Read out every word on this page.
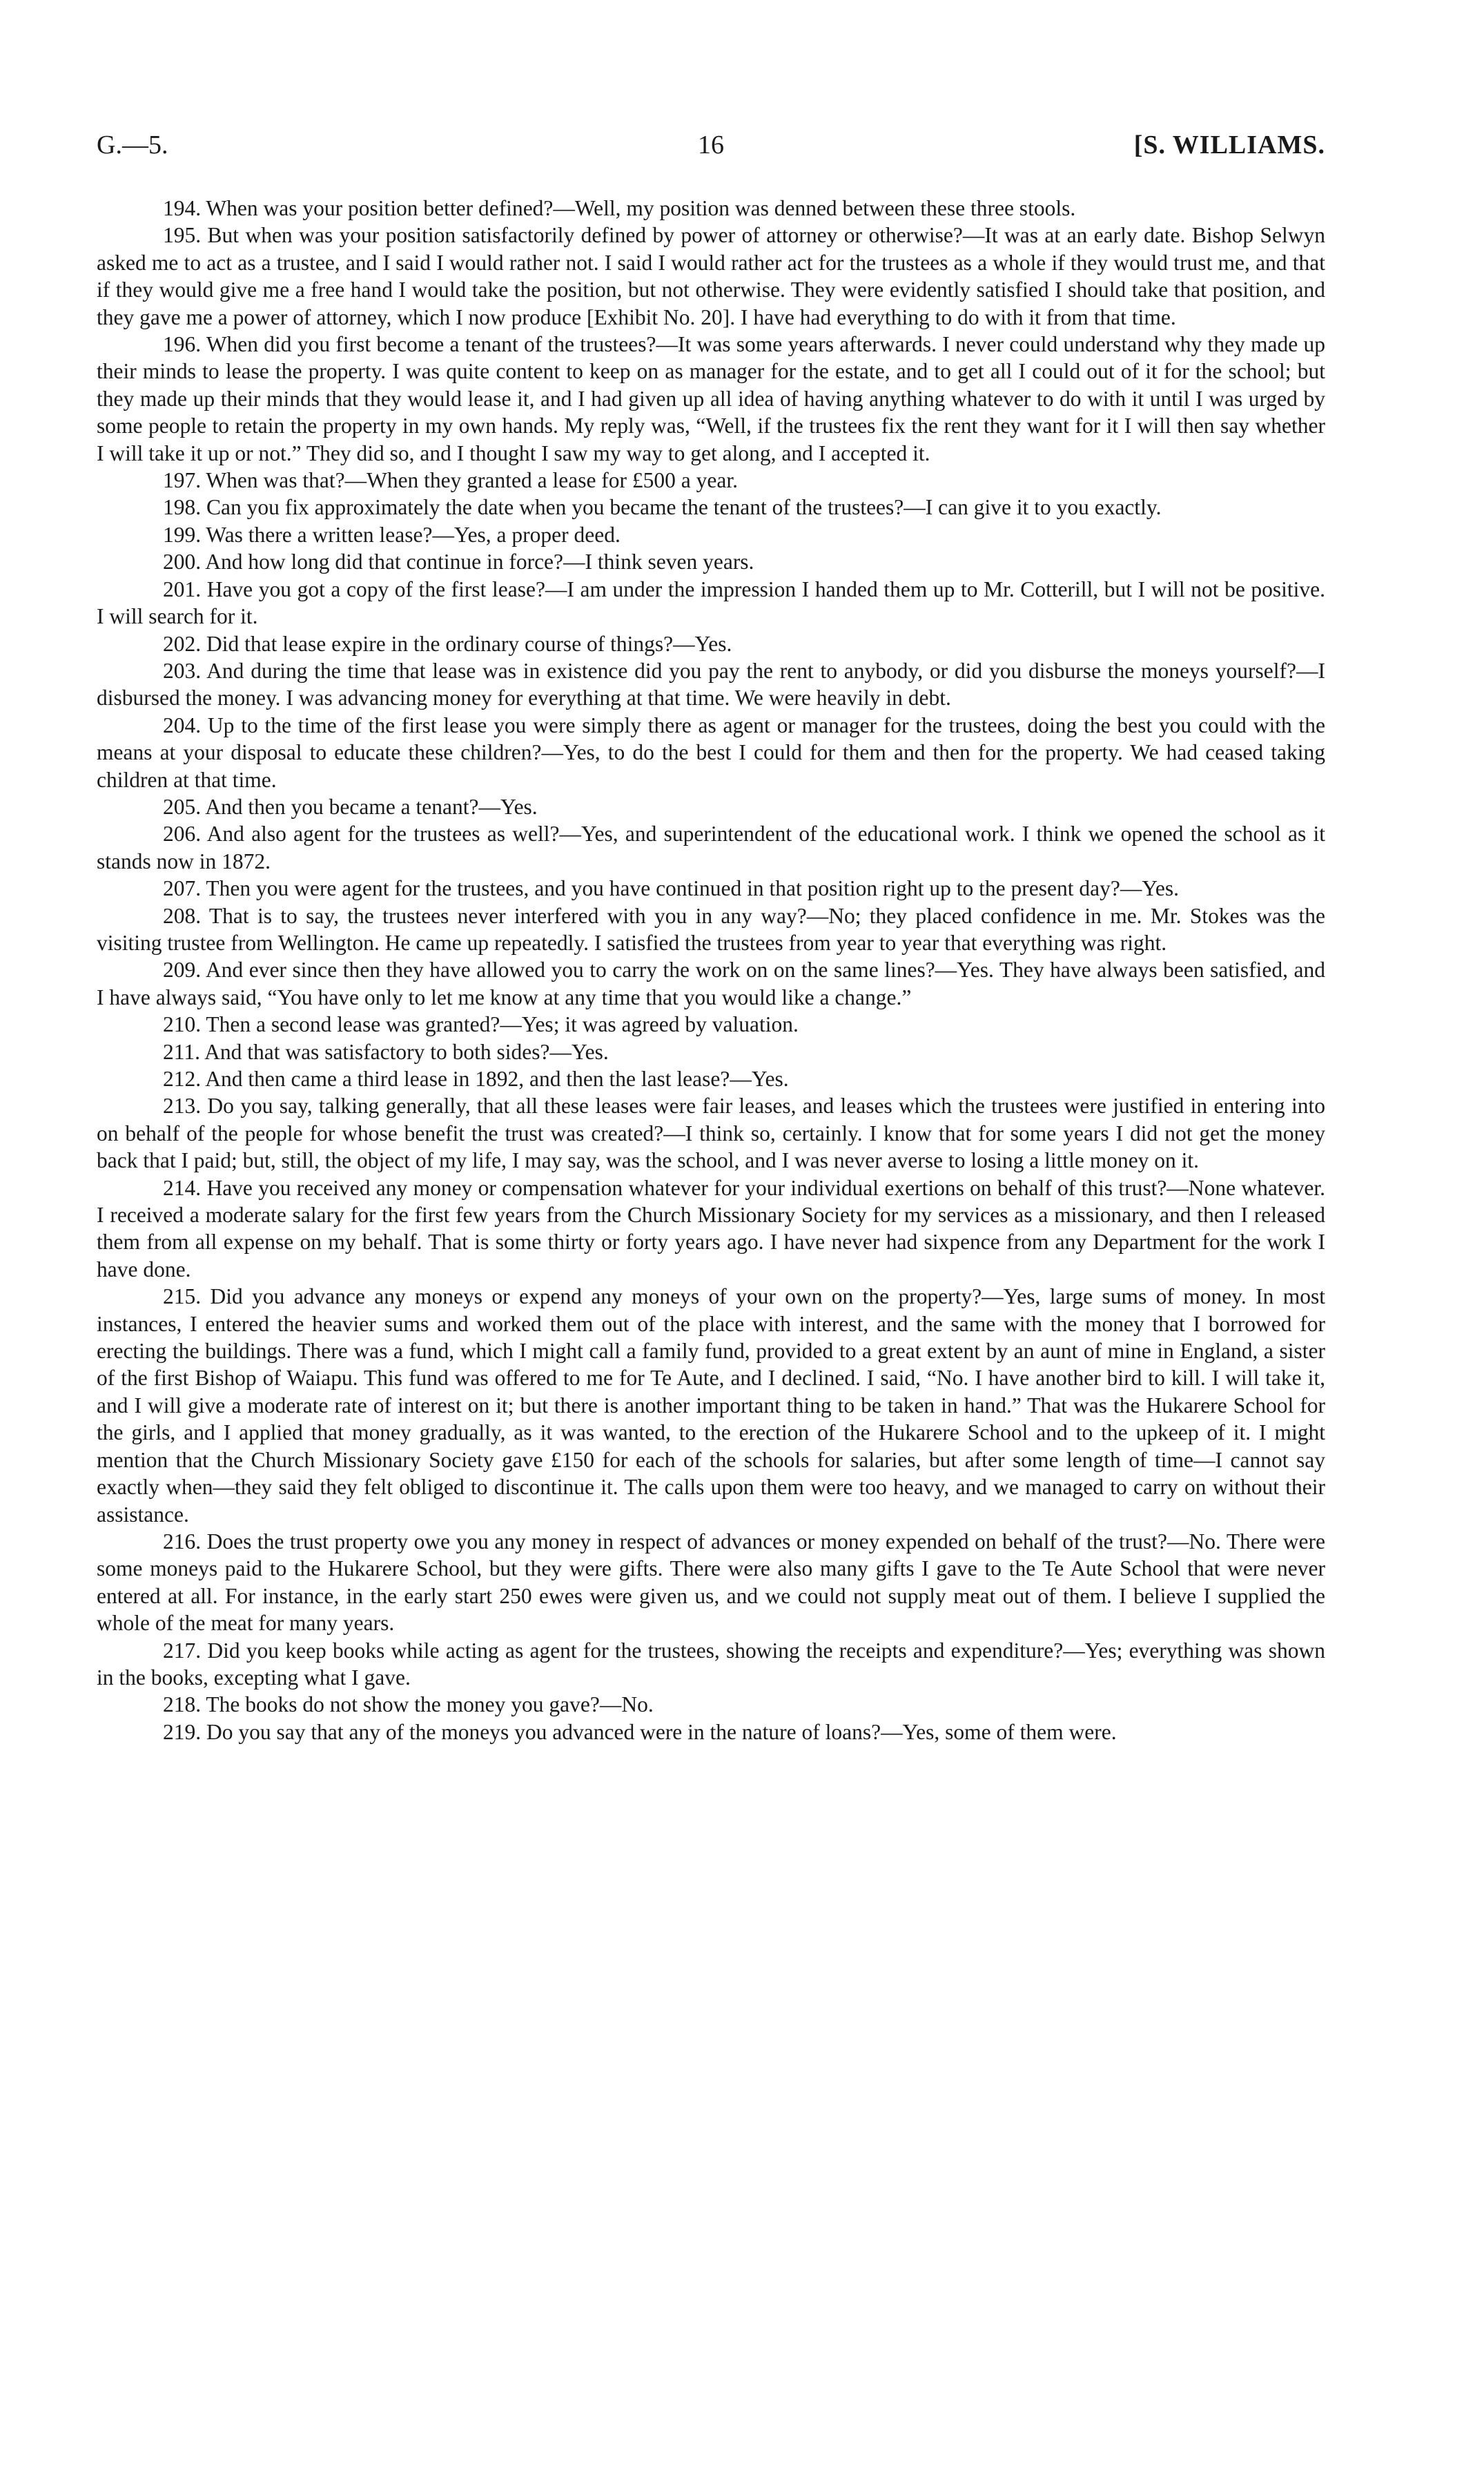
G.—5.	16	[S. WILLIAMS.

194. When was your position better defined?—Well, my position was denned between these three stools.

195. But when was your position satisfactorily defined by power of attorney or otherwise?—It was at an early date. Bishop Selwyn asked me to act as a trustee, and I said I would rather not. I said I would rather act for the trustees as a whole if they would trust me, and that if they would give me a free hand I would take the position, but not otherwise. They were evidently satisfied I should take that position, and they gave me a power of attorney, which I now produce [Exhibit No. 20]. I have had everything to do with it from that time.

196. When did you first become a tenant of the trustees?—It was some years afterwards. I never could understand why they made up their minds to lease the property. I was quite content to keep on as manager for the estate, and to get all I could out of it for the school; but they made up their minds that they would lease it, and I had given up all idea of having anything whatever to do with it until I was urged by some people to retain the property in my own hands. My reply was, “Well, if the trustees fix the rent they want for it I will then say whether I will take it up or not.” They did so, and I thought I saw my way to get along, and I accepted it.

197. When was that?—When they granted a lease for £500 a year.

198. Can you fix approximately the date when you became the tenant of the trustees?—I can give it to you exactly.

199. Was there a written lease?—Yes, a proper deed.

200. And how long did that continue in force?—I think seven years.

201. Have you got a copy of the first lease?—I am under the impression I handed them up to Mr. Cotterill, but I will not be positive. I will search for it.

202. Did that lease expire in the ordinary course of things?—Yes.

203. And during the time that lease was in existence did you pay the rent to anybody, or did you disburse the moneys yourself?—I disbursed the money. I was advancing money for everything at that time. We were heavily in debt.

204. Up to the time of the first lease you were simply there as agent or manager for the trustees, doing the best you could with the means at your disposal to educate these children?—Yes, to do the best I could for them and then for the property. We had ceased taking children at that time.

205. And then you became a tenant?—Yes.

206. And also agent for the trustees as well?—Yes, and superintendent of the educational work. I think we opened the school as it stands now in 1872.

207. Then you were agent for the trustees, and you have continued in that position right up to the present day?—Yes.

208. That is to say, the trustees never interfered with you in any way?—No; they placed confidence in me. Mr. Stokes was the visiting trustee from Wellington. He came up repeatedly. I satisfied the trustees from year to year that everything was right.

209. And ever since then they have allowed you to carry the work on on the same lines?—Yes. They have always been satisfied, and I have always said, “You have only to let me know at any time that you would like a change.”

210. Then a second lease was granted?—Yes; it was agreed by valuation.

211. And that was satisfactory to both sides?—Yes.

212. And then came a third lease in 1892, and then the last lease?—Yes.

213. Do you say, talking generally, that all these leases were fair leases, and leases which the trustees were justified in entering into on behalf of the people for whose benefit the trust was created?—I think so, certainly. I know that for some years I did not get the money back that I paid; but, still, the object of my life, I may say, was the school, and I was never averse to losing a little money on it.

214. Have you received any money or compensation whatever for your individual exertions on behalf of this trust?—None whatever. I received a moderate salary for the first few years from the Church Missionary Society for my services as a missionary, and then I released them from all expense on my behalf. That is some thirty or forty years ago. I have never had sixpence from any Department for the work I have done.

215. Did you advance any moneys or expend any moneys of your own on the property?—Yes, large sums of money. In most instances, I entered the heavier sums and worked them out of the place with interest, and the same with the money that I borrowed for erecting the buildings. There was a fund, which I might call a family fund, provided to a great extent by an aunt of mine in England, a sister of the first Bishop of Waiapu. This fund was offered to me for Te Aute, and I declined. I said, “No. I have another bird to kill. I will take it, and I will give a moderate rate of interest on it; but there is another important thing to be taken in hand.” That was the Hukarere School for the girls, and I applied that money gradually, as it was wanted, to the erection of the Hukarere School and to the upkeep of it. I might mention that the Church Missionary Society gave £150 for each of the schools for salaries, but after some length of time—I cannot say exactly when—they said they felt obliged to discontinue it. The calls upon them were too heavy, and we managed to carry on without their assistance.

216. Does the trust property owe you any money in respect of advances or money expended on behalf of the trust?—No. There were some moneys paid to the Hukarere School, but they were gifts. There were also many gifts I gave to the Te Aute School that were never entered at all. For instance, in the early start 250 ewes were given us, and we could not supply meat out of them. I believe I supplied the whole of the meat for many years.

217. Did you keep books while acting as agent for the trustees, showing the receipts and expenditure?—Yes; everything was shown in the books, excepting what I gave.

218. The books do not show the money you gave?—No.

219. Do you say that any of the moneys you advanced were in the nature of loans?—Yes, some of them were.
